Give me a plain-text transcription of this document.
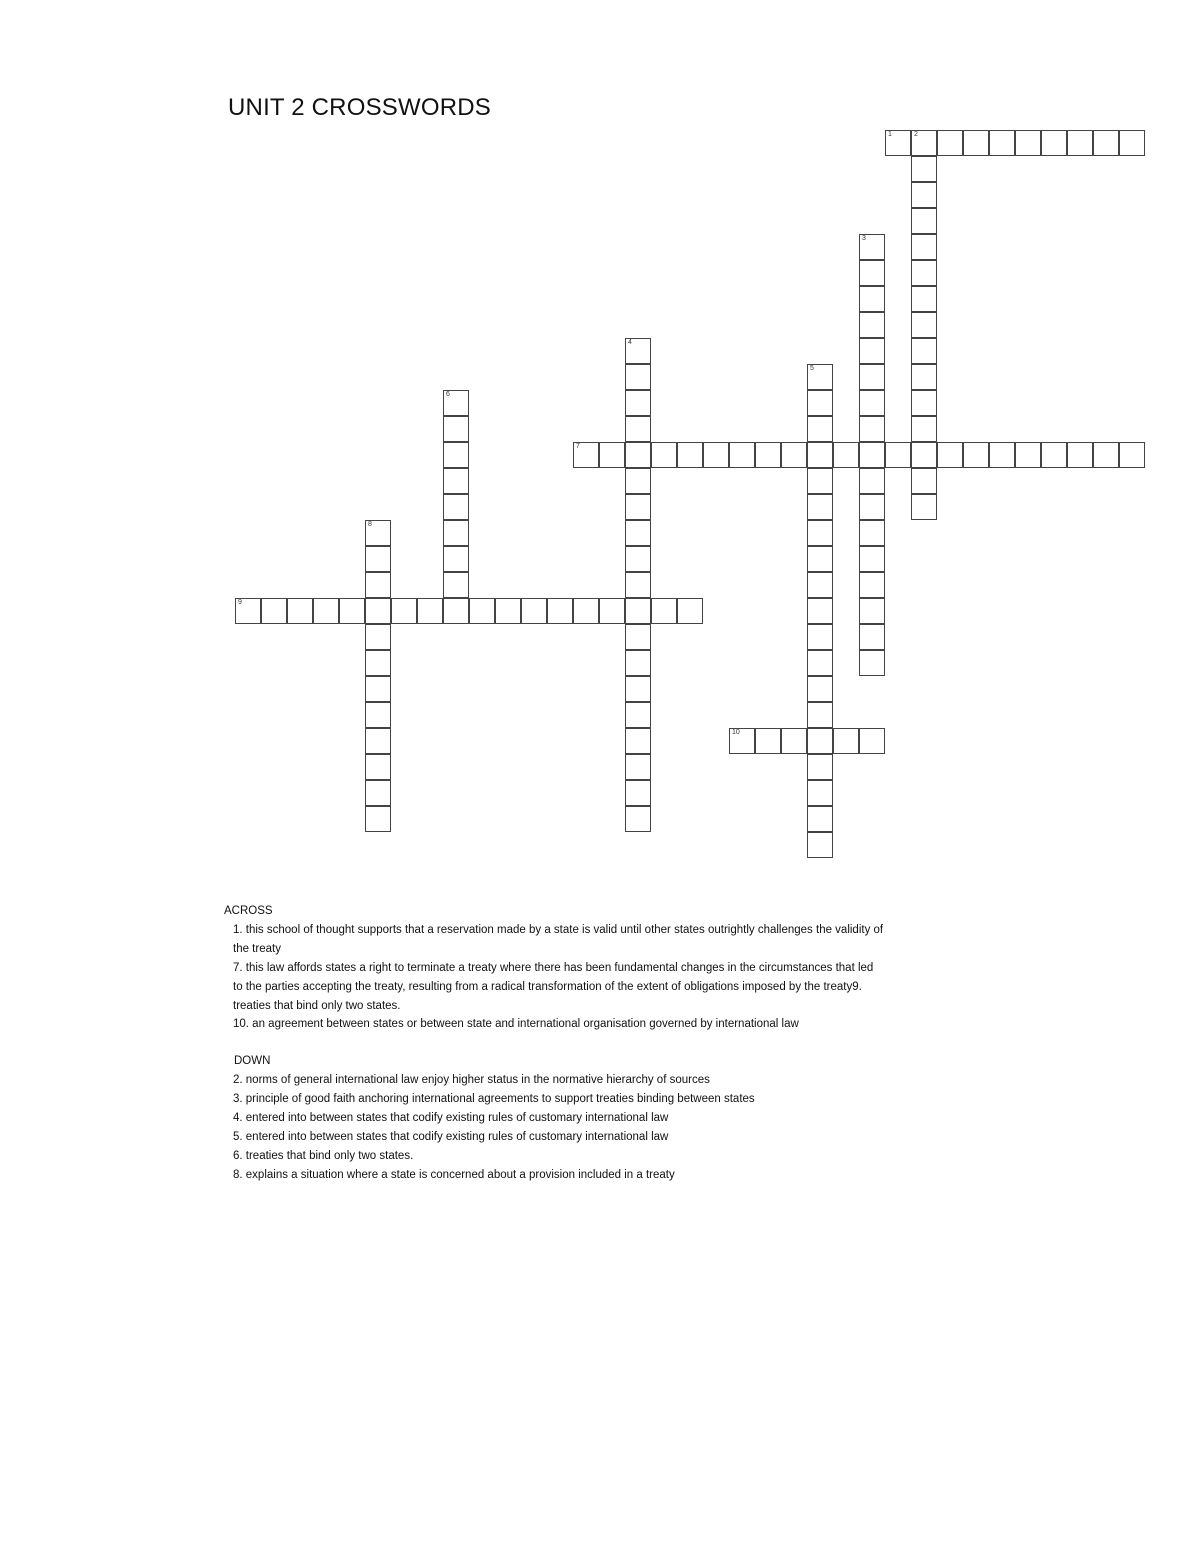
UNIT 2 CROSSWORDS
1	2
3
4
5
6
7
8
9
10
ACROSS
1. this school of thought supports that a reservation made by a state is valid until other states outrightly challenges the validity of
the treaty
7. this law affords states a right to terminate a treaty where there has been fundamental changes in the circumstances that led
to the parties accepting the treaty, resulting from a radical transformation of the extent of obligations imposed by the treaty9.
treaties that bind only two states.
10. an agreement between states or between state and international organisation governed by international law
DOWN
2. norms of general international law enjoy higher status in the normative hierarchy of sources
3. principle of good faith anchoring international agreements to support treaties binding between states
4. entered into between states that codify existing rules of customary international law
5. entered into between states that codify existing rules of customary international law
6. treaties that bind only two states.
8. explains a situation where a state is concerned about a provision included in a treaty
